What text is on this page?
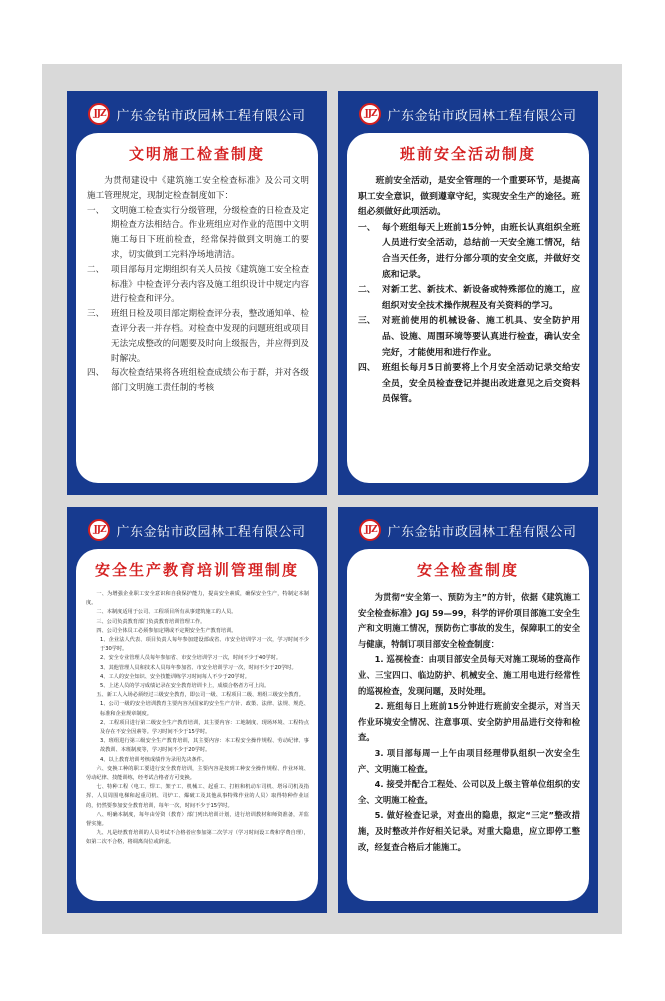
JJZ 广东金钻市政园林工程有限公司
文明施工检查制度

为贯彻建设中《建筑施工安全检查标准》及公司文明施工管理规定，现制定检查制度如下：

一、 文明施工检查实行分级管理，分级检查的日检查及定期检查方法相结合。作业班组应对作业的范围中文明施工每日下班前检查，经常保持做到文明施工的要求，切实做到工完料净场地清洁。
二、 项目部每月定期组织有关人员按《建筑施工安全检查标准》中检查评分表内容及施工组织设计中规定内容进行检查和评分。
三、 班组日检及项目部定期检查评分表，整改通知单、检查评分表一并存档。对检查中发现的问题班组或项目无法完成整改的问题要及时向上级报告，并应得到及时解决。
四、 每次检查结果将各班组检查成绩公布于群，并对各级部门文明施工责任制的考核
JJZ 广东金钻市政园林工程有限公司
班前安全活动制度

班前安全活动，是安全管理的一个重要环节，是提高职工安全意识，做到遵章守纪，实现安全生产的途径。班组必须做好此项活动。

一、 每个班组每天上班前15分钟，由班长认真组织全班人员进行安全活动，总结前一天安全施工情况，结合当天任务，进行分部分项的安全交底，并做好交底和记录。
二、 对新工艺、新技术、新设备或特殊部位的施工，应组织对安全技术操作规程及有关资料的学习。
三、 对班前使用的机械设备、施工机具、安全防护用品、设施、周围环境等要认真进行检查，确认安全完好，才能使用和进行作业。
四、 班组长每月5日前要将上个月安全活动记录交给安全员，安全员检查登记并提出改进意见之后交资料员保管。
JJZ 广东金钻市政园林工程有限公司
安全生产教育培训管理制度

一、为增强企业职工安全意识和自我保护能力，提高安全素质，确保安全生产，特制定本制度。

二、本制度适用于公司、工程项目所有从事建筑施工的人员。

三、公司负责教育部门负责教育培训管理工作。

四、公司全体员工必须参加定期或不定期安全生产教育培训。

1、企业法人代表、项目负责人每年参加建设部或省、市安全培训学习一次，学习时间不少于30学时。

2、安全专业管理人员每年参加省、市安全培训学习一次，时间不少于40学时。

3、其他管理人员和技术人员每年参加省、市安全培训学习一次，时间不少于20学时。

4、工人的安全知识、安全技能训练学习时间每人不少于20学时。

5、上述人员的学习成绩记录在安全教育培训卡上，成绩合格者方可上岗。

五、新工人入场必须经过三级安全教育，即公司一级、工程项目二级、班组三级安全教育。

1、公司一级的安全培训教育主要内容为国家的安全生产方针、政策、法律、法规、规范、标准和企业规章制度。

2、工程项目进行第二级安全生产教育培训，其主要内容：工地制度、现场环境、工程特点及存在不安全因素等。学习时间不少于15学时。

3、班组进行第三级安全生产教育培训，其主要内容：本工程安全操作规程、劳动纪律、事故教训、本班制度等，学习时间不少于20学时。

4、以上教育培训考核成绩作为录用先决条件。

六、变换工种的职工要进行安全教育培训，主要内容是按到工种安全操作规程、作业环境、劳动纪律、技能训练，经考试合格者方可变换。

七、特种工程（电工、焊工、架子工、机械工、起重工、打桩和机动车司机、塔吊司机及指挥、人员周围电梯和起重司机、司炉工、爆破工及其他从事特殊作业的人员）取得特种作业证的，仍然要参加安全教育培训，每年一次，时间不少于15学时。

八、明确本制度，每年由劳资（教育）部门列出培训计划，进行培训教材和师资准备，并监督实施。

九、凡是经教育培训的人员考试不合格者应参加第二次学习（学习时间设工费和学费自理），如第二次不合格，将调离岗位或辞退。

JJZ 广东金钻市政园林工程有限公司
安全检查制度

为贯彻“安全第一、预防为主”的方针，依据《建筑施工安全检查标准》JGJ 59—99，科学的评价项目部施工安全生产和文明施工情况，预防伤亡事故的发生，保障职工的安全与健康，特制订项目部安全检查制度：

1. 巡视检查：由项目部安全员每天对施工现场的登高作业、三宝四口、临边防护、机械安全、施工用电进行经常性的巡视检查，发现问题，及时处理。

2. 班组每日上班前15分钟进行班前安全提示，对当天作业环境安全情况、注意事项、安全防护用品进行交待和检查。

3. 项目部每周一上午由项目经理带队组织一次安全生产、文明施工检查。

4. 接受并配合工程处、公司以及上级主管单位组织的安全、文明施工检查。

5. 做好检查记录，对查出的隐患，拟定“三定”整改措施，及时整改并作好相关记录。对重大隐患，应立即停工整改，经复查合格后才能施工。
